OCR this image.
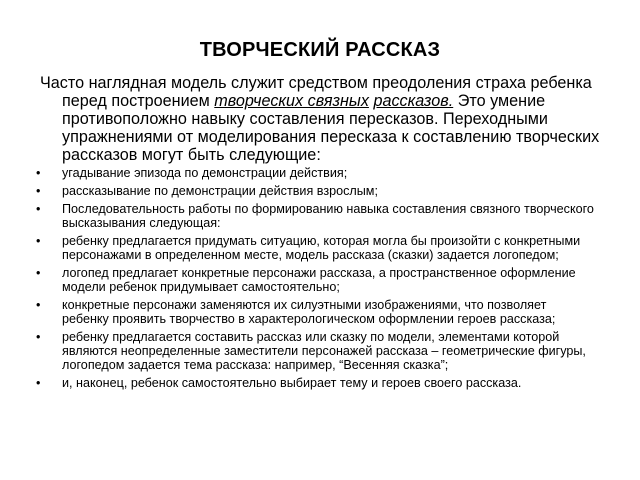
ТВОРЧЕСКИЙ РАССКАЗ
Часто наглядная модель служит средством преодоления страха ребенка перед построением творческих связных рассказов. Это умение противоположно навыку составления пересказов. Переходными упражнениями от моделирования пересказа к составлению творческих рассказов могут быть следующие:
• угадывание эпизода по демонстрации действия;
• рассказывание по демонстрации действия взрослым;
• Последовательность работы по формированию навыка составления связного творческого высказывания следующая:
• ребенку предлагается придумать ситуацию, которая могла бы произойти с конкретными персонажами в определенном месте, модель рассказа (сказки) задается логопедом;
• логопед предлагает конкретные персонажи рассказа, а пространственное оформление модели ребенок придумывает самостоятельно;
• конкретные персонажи заменяются их силуэтными изображениями, что позволяет ребенку проявить творчество в характерологическом оформлении героев рассказа;
• ребенку предлагается составить рассказ или сказку по модели, элементами которой являются неопределенные заместители персонажей рассказа – геометрические фигуры, логопедом задается тема рассказа: например, “Весенняя сказка”;
• и, наконец, ребенок самостоятельно выбирает тему и героев своего рассказа.
